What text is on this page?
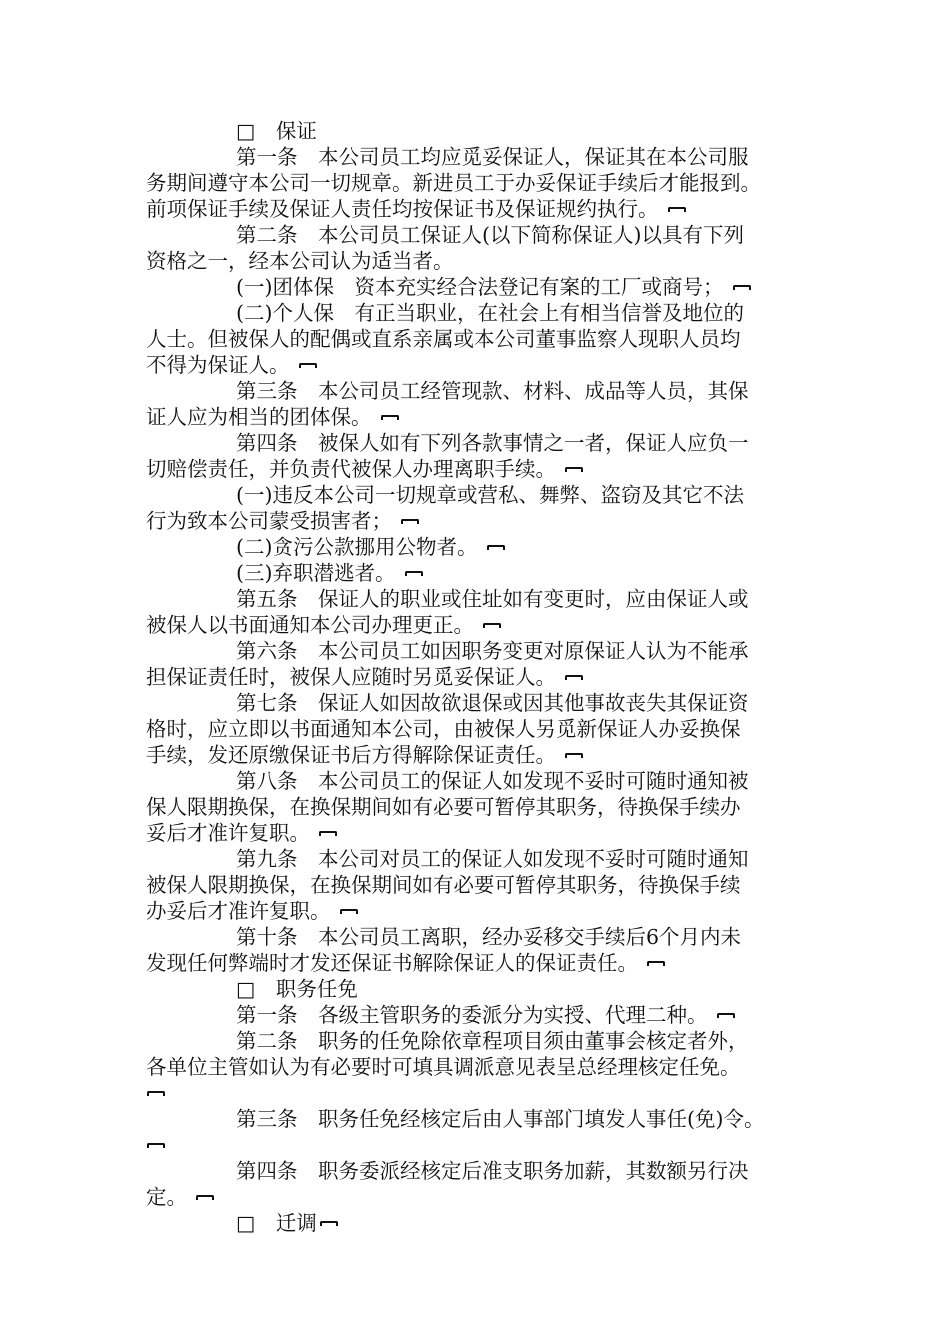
□　保证
第一条　本公司员工均应觅妥保证人，保证其在本公司服
务期间遵守本公司一切规章。新进员工于办妥保证手续后才能报到。
前项保证手续及保证人责任均按保证书及保证规约执行。
第二条　本公司员工保证人(以下简称保证人)以具有下列
资格之一，经本公司认为适当者。
(一)团体保　资本充实经合法登记有案的工厂或商号；
(二)个人保　有正当职业，在社会上有相当信誉及地位的
人士。但被保人的配偶或直系亲属或本公司董事监察人现职人员均
不得为保证人。
第三条　本公司员工经管现款、材料、成品等人员，其保
证人应为相当的团体保。
第四条　被保人如有下列各款事情之一者，保证人应负一
切赔偿责任，并负责代被保人办理离职手续。
(一)违反本公司一切规章或营私、舞弊、盗窃及其它不法
行为致本公司蒙受损害者；
(二)贪污公款挪用公物者。
(三)弃职潜逃者。
第五条　保证人的职业或住址如有变更时，应由保证人或
被保人以书面通知本公司办理更正。
第六条　本公司员工如因职务变更对原保证人认为不能承
担保证责任时，被保人应随时另觅妥保证人。
第七条　保证人如因故欲退保或因其他事故丧失其保证资
格时，应立即以书面通知本公司，由被保人另觅新保证人办妥换保
手续，发还原缴保证书后方得解除保证责任。
第八条　本公司员工的保证人如发现不妥时可随时通知被
保人限期换保，在换保期间如有必要可暂停其职务，待换保手续办
妥后才准许复职。
第九条　本公司对员工的保证人如发现不妥时可随时通知
被保人限期换保，在换保期间如有必要可暂停其职务，待换保手续
办妥后才准许复职。
第十条　本公司员工离职，经办妥移交手续后6个月内未
发现任何弊端时才发还保证书解除保证人的保证责任。
□　职务任免
第一条　各级主管职务的委派分为实授、代理二种。
第二条　职务的任免除依章程项目须由董事会核定者外，
各单位主管如认为有必要时可填具调派意见表呈总经理核定任免。
第三条　职务任免经核定后由人事部门填发人事任(免)令。
第四条　职务委派经核定后准支职务加薪，其数额另行决
定。
□　迁调
